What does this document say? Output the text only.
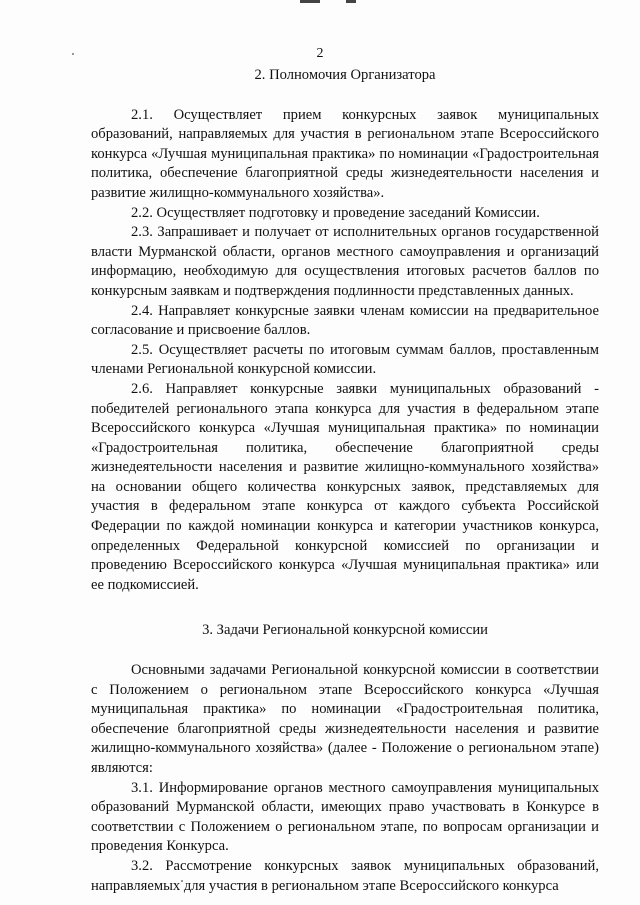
2

2. Полномочия Организатора

2.1. Осуществляет прием конкурсных заявок муниципальных образований, направляемых для участия в региональном этапе Всероссийского конкурса «Лучшая муниципальная практика» по номинации «Градостроительная политика, обеспечение благоприятной среды жизнедеятельности населения и развитие жилищно-коммунального хозяйства».

2.2. Осуществляет подготовку и проведение заседаний Комиссии.

2.3. Запрашивает и получает от исполнительных органов государственной власти Мурманской области, органов местного самоуправления и организаций информацию, необходимую для осуществления итоговых расчетов баллов по конкурсным заявкам и подтверждения подлинности представленных данных.

2.4. Направляет конкурсные заявки членам комиссии на предварительное согласование и присвоение баллов.

2.5. Осуществляет расчеты по итоговым суммам баллов, проставленным членами Региональной конкурсной комиссии.

2.6. Направляет конкурсные заявки муниципальных образований - победителей регионального этапа конкурса для участия в федеральном этапе Всероссийского конкурса «Лучшая муниципальная практика» по номинации «Градостроительная политика, обеспечение благоприятной среды жизнедеятельности населения и развитие жилищно-коммунального хозяйства» на основании общего количества конкурсных заявок, представляемых для участия в федеральном этапе конкурса от каждого субъекта Российской Федерации по каждой номинации конкурса и категории участников конкурса, определенных Федеральной конкурсной комиссией по организации и проведению Всероссийского конкурса «Лучшая муниципальная практика» или ее подкомиссией.

3. Задачи Региональной конкурсной комиссии

Основными задачами Региональной конкурсной комиссии в соответствии с Положением о региональном этапе Всероссийского конкурса «Лучшая муниципальная практика» по номинации «Градостроительная политика, обеспечение благоприятной среды жизнедеятельности населения и развитие жилищно-коммунального хозяйства» (далее - Положение о региональном этапе) являются:

3.1. Информирование органов местного самоуправления муниципальных образований Мурманской области, имеющих право участвовать в Конкурсе в соответствии с Положением о региональном этапе, по вопросам организации и проведения Конкурса.

3.2. Рассмотрение конкурсных заявок муниципальных образований, направляемых для участия в региональном этапе Всероссийского конкурса
